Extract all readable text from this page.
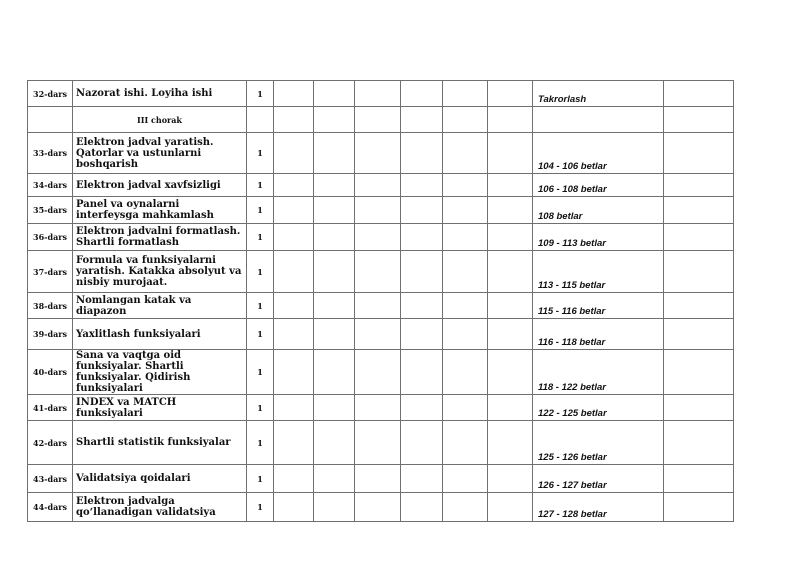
32-dars	Nazorat ishi. Loyiha ishi	1							Takrorlash	
	III chorak									
33-dars	Elektron jadval yaratish. Qatorlar va ustunlarni boshqarish	1							104 - 106 betlar	
34-dars	Elektron jadval xavfsizligi	1							106 - 108 betlar	
35-dars	Panel va oynalarni interfeysga mahkamlash	1							108 betlar	
36-dars	Elektron jadvalni formatlash. Shartli formatlash	1							109 - 113 betlar	
37-dars	Formula va funksiyalarni yaratish. Katakka absolyut va nisbiy murojaat.	1							113 - 115 betlar	
38-dars	Nomlangan katak va diapazon	1							115 - 116 betlar	
39-dars	Yaxlitlash funksiyalari	1							116 - 118 betlar	
40-dars	Sana va vaqtga oid funksiyalar. Shartli funksiyalar. Qidirish funksiyalari	1							118 - 122 betlar	
41-dars	INDEX va MATCH funksiyalari	1							122 - 125 betlar	
42-dars	Shartli statistik funksiyalar	1							125 - 126 betlar	
43-dars	Validatsiya qoidalari	1							126 - 127 betlar	
44-dars	Elektron jadvalga qo‘llanadigan validatsiya	1							127 - 128 betlar	
